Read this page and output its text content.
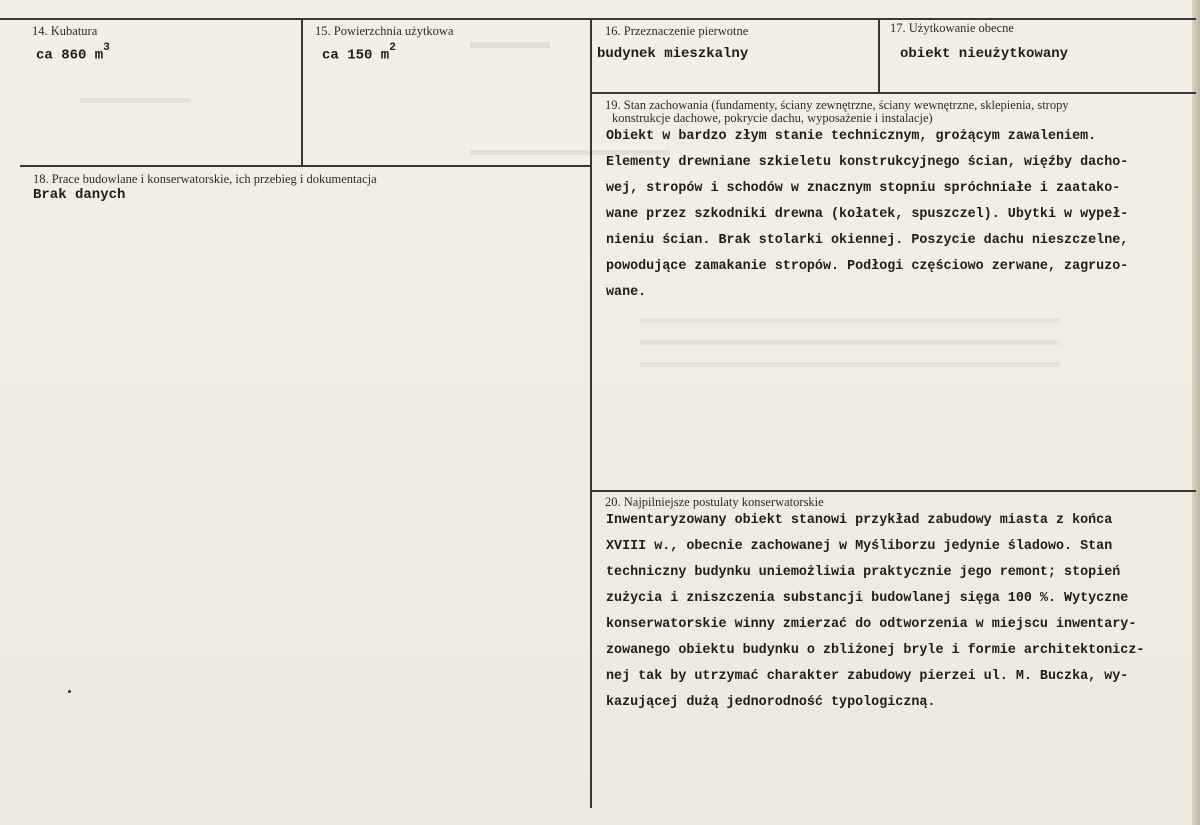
14. Kubatura
ca 860 $m^3$
15. Powierzchnia użytkowa
ca 150 $m^2$
16. Przeznaczenie pierwotne
budynek mieszkalny
17. Użytkowanie obecne
obiekt nieużytkowany
18. Prace budowlane i konserwatorskie, ich przebieg i dokumentacja
Brak danych
19. Stan zachowania (fundamenty, ściany zewnętrzne, ściany wewnętrzne, sklepienia, stropy
konstrukcje dachowe, pokrycie dachu, wyposażenie i instalacje)
Obiekt w bardzo złym stanie technicznym, grożącym zawaleniem.
Elementy drewniane szkieletu konstrukcyjnego ścian, więźby dacho-
wej, stropów i schodów w znacznym stopniu spróchniałe i zaatako-
wane przez szkodniki drewna (kołatek, spuszczel). Ubytki w wypeł-
nieniu ścian. Brak stolarki okiennej. Poszycie dachu nieszczelne,
powodujące zamakanie stropów. Podłogi częściowo zerwane, zagruzo-
wane.
20. Najpilniejsze postulaty konserwatorskie
Inwentaryzowany obiekt stanowi przykład zabudowy miasta z końca
XVIII w., obecnie zachowanej w Myśliborzu jedynie śladowo. Stan
techniczny budynku uniemożliwia praktycznie jego remont; stopień
zużycia i zniszczenia substancji budowlanej sięga 100 %. Wytyczne
konserwatorskie winny zmierzać do odtworzenia w miejscu inwentary-
zowanego obiektu budynku o zbliżonej bryle i formie architektonicz-
nej tak by utrzymać charakter zabudowy pierzei ul. M. Buczka, wy-
kazującej dużą jednorodność typologiczną.
